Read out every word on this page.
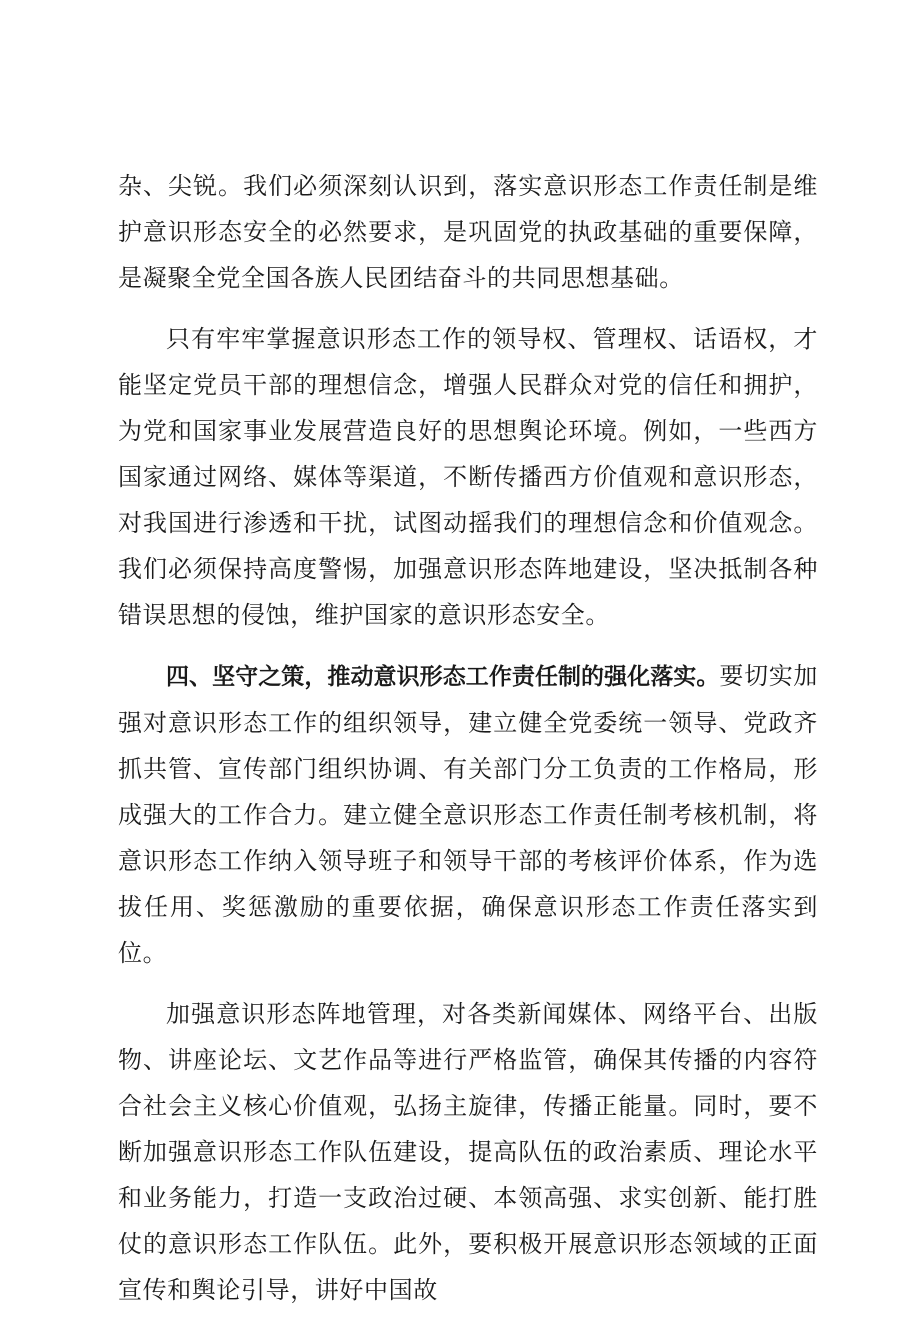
杂、尖锐。我们必须深刻认识到，落实意识形态工作责任制是维护意识形态安全的必然要求，是巩固党的执政基础的重要保障，是凝聚全党全国各族人民团结奋斗的共同思想基础。

只有牢牢掌握意识形态工作的领导权、管理权、话语权，才能坚定党员干部的理想信念，增强人民群众对党的信任和拥护，为党和国家事业发展营造良好的思想舆论环境。例如，一些西方国家通过网络、媒体等渠道，不断传播西方价值观和意识形态，对我国进行渗透和干扰，试图动摇我们的理想信念和价值观念。我们必须保持高度警惕，加强意识形态阵地建设，坚决抵制各种错误思想的侵蚀，维护国家的意识形态安全。

四、坚守之策，推动意识形态工作责任制的强化落实。要切实加强对意识形态工作的组织领导，建立健全党委统一领导、党政齐抓共管、宣传部门组织协调、有关部门分工负责的工作格局，形成强大的工作合力。建立健全意识形态工作责任制考核机制，将意识形态工作纳入领导班子和领导干部的考核评价体系，作为选拔任用、奖惩激励的重要依据，确保意识形态工作责任落实到位。

加强意识形态阵地管理，对各类新闻媒体、网络平台、出版物、讲座论坛、文艺作品等进行严格监管，确保其传播的内容符合社会主义核心价值观，弘扬主旋律，传播正能量。同时，要不断加强意识形态工作队伍建设，提高队伍的政治素质、理论水平和业务能力，打造一支政治过硬、本领高强、求实创新、能打胜仗的意识形态工作队伍。此外，要积极开展意识形态领域的正面宣传和舆论引导，讲好中国故
